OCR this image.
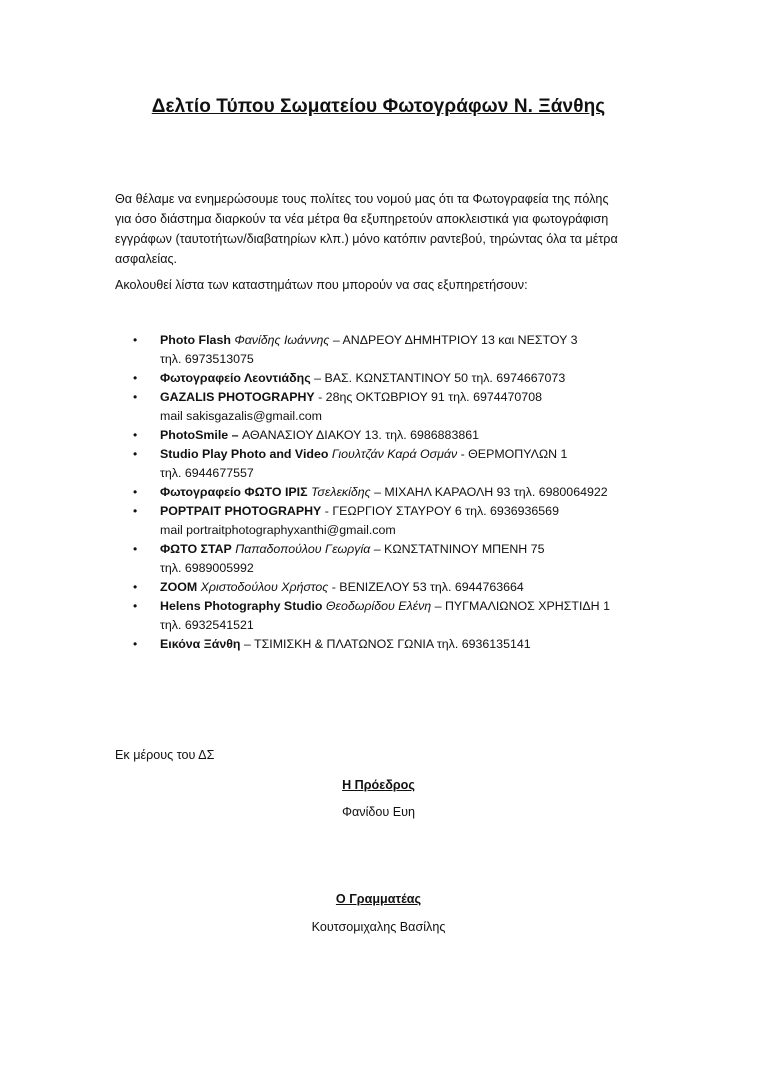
Δελτίο Τύπου Σωματείου Φωτογράφων Ν. Ξάνθης
Θα θέλαμε να ενημερώσουμε τους πολίτες του νομού μας ότι τα Φωτογραφεία της πόλης
για όσο διάστημα διαρκούν τα νέα μέτρα θα εξυπηρετούν αποκλειστικά για φωτογράφιση
εγγράφων (ταυτοτήτων/διαβατηρίων κλπ.) μόνο κατόπιν ραντεβού, τηρώντας όλα τα μέτρα
ασφαλείας.
Ακολουθεί λίστα των καταστημάτων που μπορούν να σας εξυπηρετήσουν:
• Photo Flash Φανίδης Ιωάννης – ΑΝΔΡΕΟΥ ΔΗΜΗΤΡΙΟΥ 13 και ΝΕΣΤΟΥ 3
τηλ. 6973513075
• Φωτογραφείο Λεοντιάδης – ΒΑΣ. ΚΩΝΣΤΑΝΤΙΝΟΥ 50 τηλ. 6974667073
• GAZALIS PHOTOGRAPHY - 28ης ΟΚΤΩΒΡΙΟΥ 91 τηλ. 6974470708
mail sakisgazalis@gmail.com
• PhotoSmile – ΑΘΑΝΑΣΙΟΥ ΔΙΑΚΟΥ 13. τηλ. 6986883861
• Studio Play Photo and Video Γιουλτζάν Καρά Οσμάν - ΘΕΡΜΟΠΥΛΩΝ 1
τηλ. 6944677557
• Φωτογραφείο ΦΩΤΟ ΙΡΙΣ Τσελεκίδης – ΜΙΧΑΗΛ ΚΑΡΑΟΛΗ 93 τηλ. 6980064922
• ΡΟΡΤΡΑΙΤ PHOTOGRAPHY - ΓΕΩΡΓΙΟΥ ΣΤΑΥΡΟΥ 6 τηλ. 6936936569
mail portraitphotographyxanthi@gmail.com
• ΦΩΤΟ ΣΤΑΡ Παπαδοπούλου Γεωργία – ΚΩΝΣΤΑΤΝΙΝΟΥ ΜΠΕΝΗ 75
τηλ. 6989005992
• ZOOM Χριστοδούλου Χρήστος - ΒΕΝΙΖΕΛΟΥ 53 τηλ. 6944763664
• Helens Photography Studio Θεοδωρίδου Ελένη – ΠΥΓΜΑΛΙΩΝΟΣ ΧΡΗΣΤΙΔΗ 1
τηλ. 6932541521
• Εικόνα Ξάνθη – ΤΣΙΜΙΣΚΗ & ΠΛΑΤΩΝΟΣ ΓΩΝΙΑ τηλ. 6936135141
Εκ μέρους του ΔΣ
Η Πρόεδρος
Φανίδου Ευη
Ο Γραμματέας
Κουτσομιχαλης Βασίλης
